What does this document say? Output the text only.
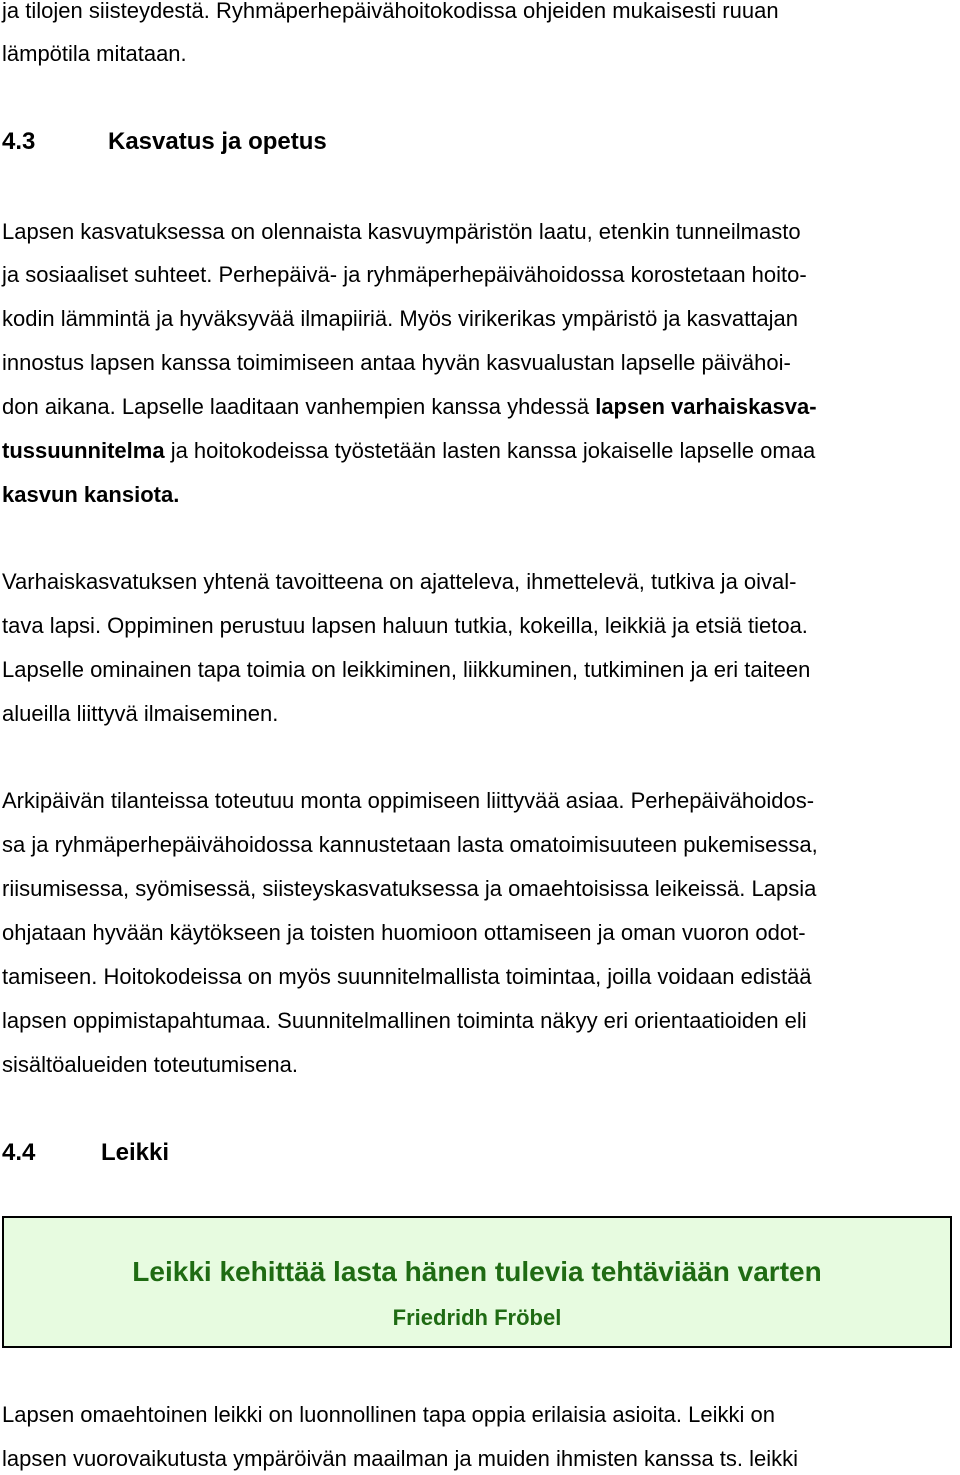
ja tilojen siisteydestä. Ryhmäperhepäivähoitokodissa ohjeiden mukaisesti ruuan
lämpötila mitataan.
4.3	Kasvatus ja opetus
Lapsen kasvatuksessa on olennaista kasvuympäristön laatu, etenkin tunneilmasto
ja sosiaaliset suhteet. Perhepäivä- ja ryhmäperhepäivähoidossa korostetaan hoito-
kodin lämmintä ja hyväksyvää ilmapiiriä. Myös virikerikas ympäristö ja kasvattajan
innostus lapsen kanssa toimimiseen antaa hyvän kasvualustan lapselle päivähoi-
don aikana. Lapselle laaditaan vanhempien kanssa yhdessä lapsen varhaiskasva-
tussuunnitelma ja hoitokodeissa työstetään lasten kanssa jokaiselle lapselle omaa
kasvun kansiota.
Varhaiskasvatuksen yhtenä tavoitteena on ajatteleva, ihmettelevä, tutkiva ja oival-
tava lapsi. Oppiminen perustuu lapsen haluun tutkia, kokeilla, leikkiä ja etsiä tietoa.
Lapselle ominainen tapa toimia on leikkiminen, liikkuminen, tutkiminen ja eri taiteen
alueilla liittyvä ilmaiseminen.
Arkipäivän tilanteissa toteutuu monta oppimiseen liittyvää asiaa. Perhepäivähoidos-
sa ja ryhmäperhepäivähoidossa kannustetaan lasta omatoimisuuteen pukemisessa,
riisumisessa, syömisessä, siisteyskasvatuksessa ja omaehtoisissa leikeissä. Lapsia
ohjataan hyvään käytökseen ja toisten huomioon ottamiseen ja oman vuoron odot-
tamiseen. Hoitokodeissa on myös suunnitelmallista toimintaa, joilla voidaan edistää
lapsen oppimistapahtumaa. Suunnitelmallinen toiminta näkyy eri orientaatioiden eli
sisältöalueiden toteutumisena.
4.4	Leikki
Leikki kehittää lasta hänen tulevia tehtäviään varten
Friedridh Fröbel
Lapsen omaehtoinen leikki on luonnollinen tapa oppia erilaisia asioita. Leikki on
lapsen vuorovaikutusta ympäröivän maailman ja muiden ihmisten kanssa ts. leikki
